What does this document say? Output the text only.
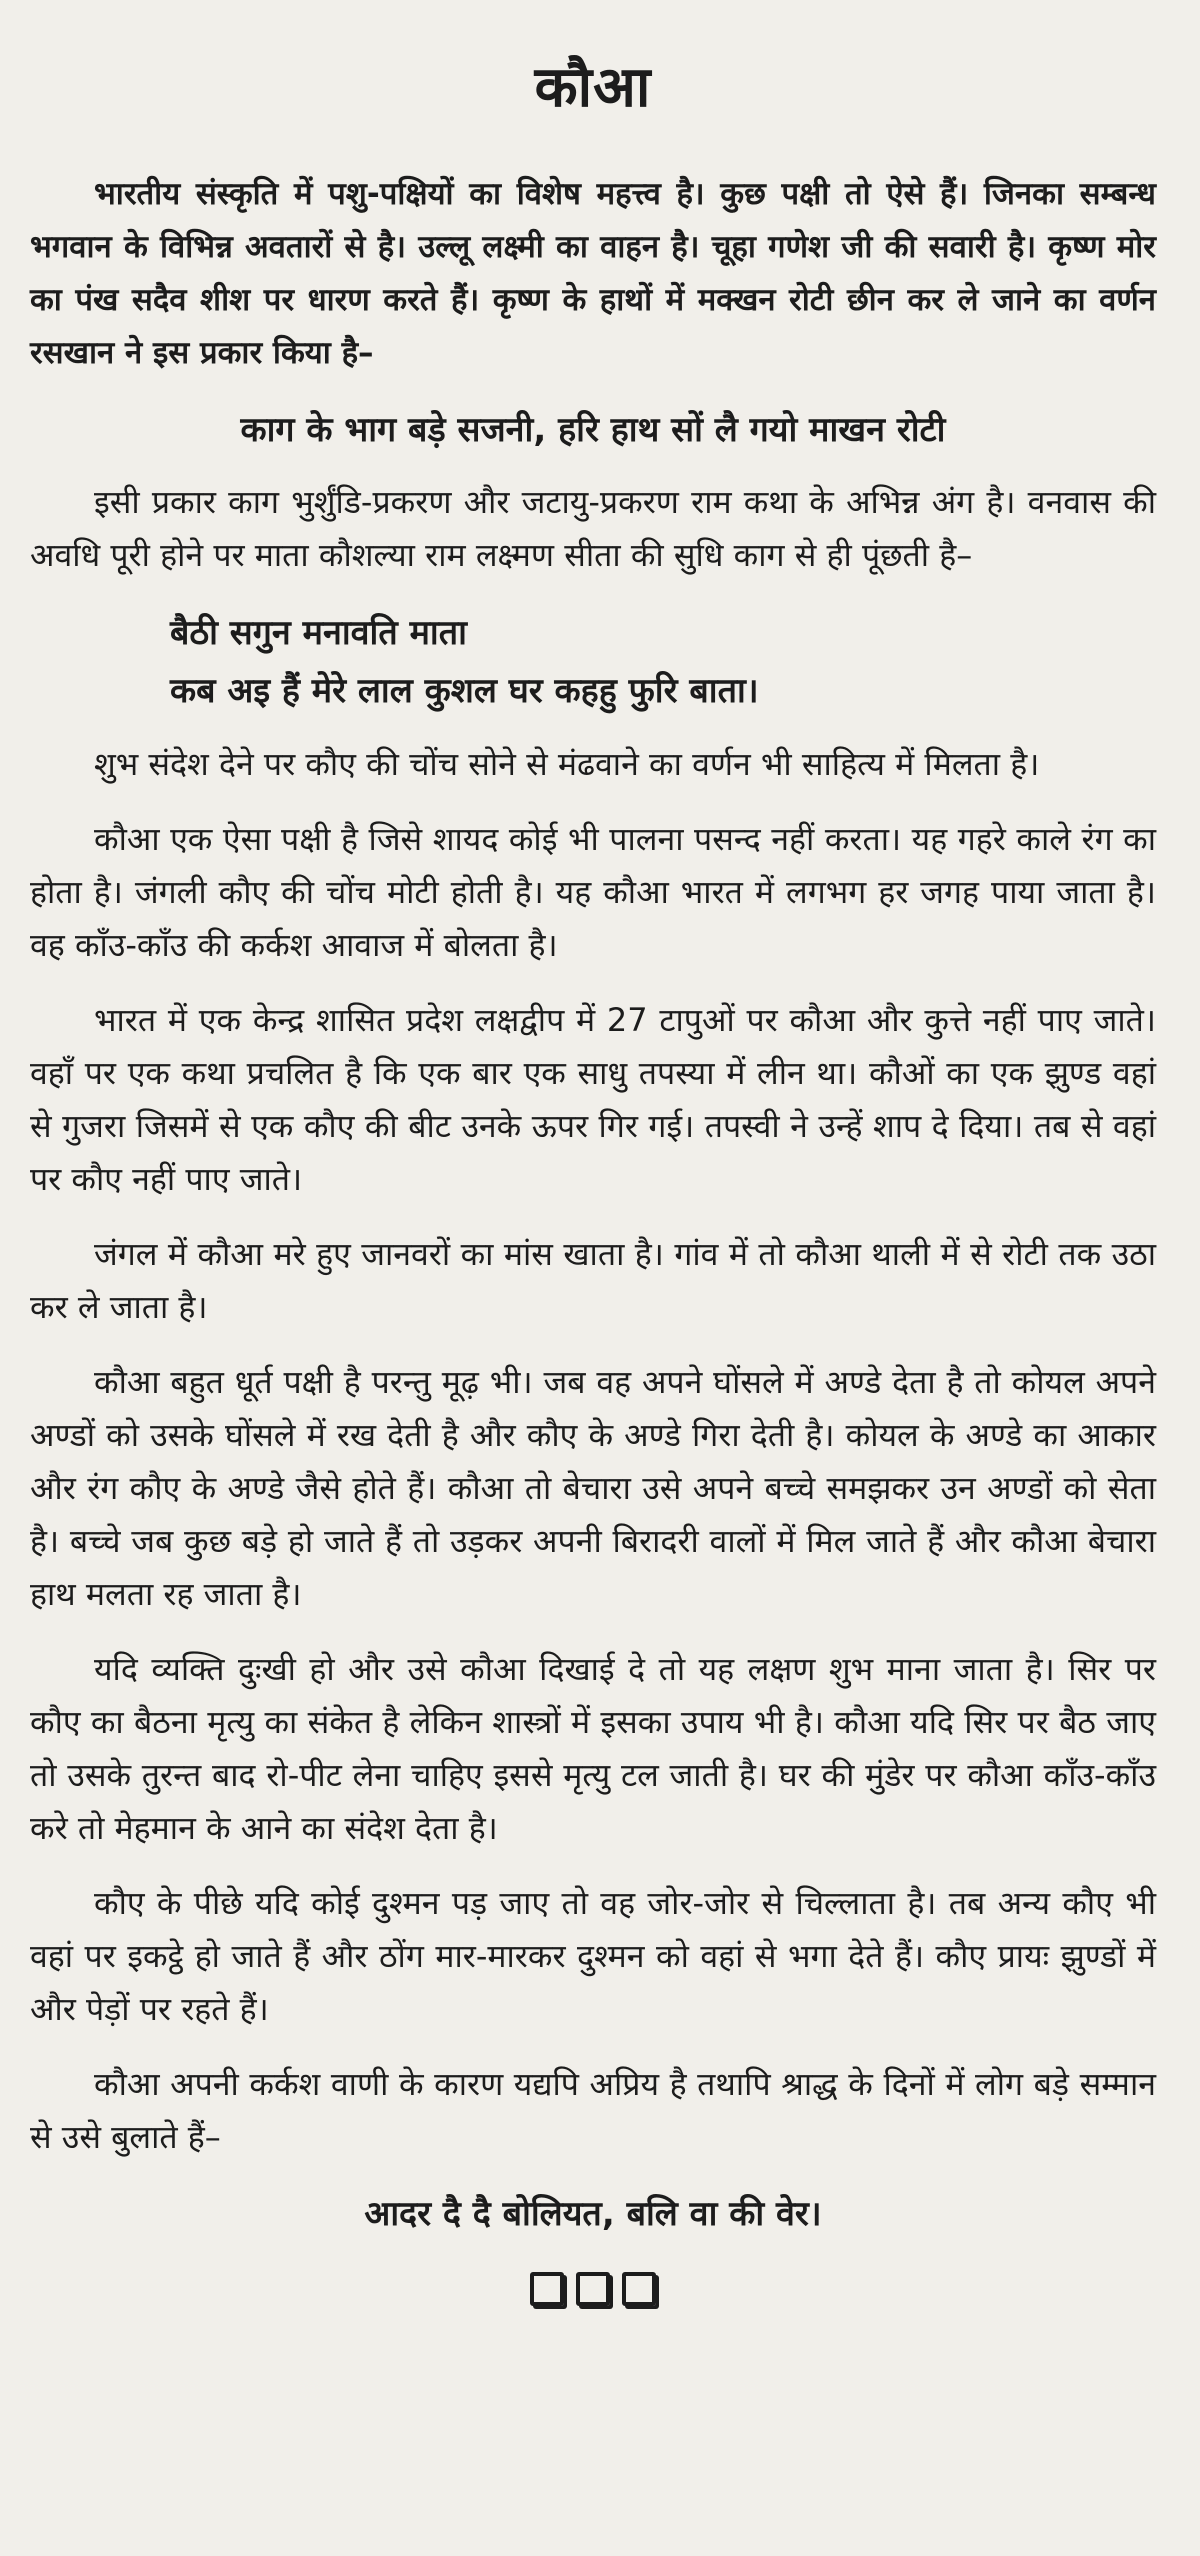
कौआ

भारतीय संस्कृति में पशु-पक्षियों का विशेष महत्त्व है। कुछ पक्षी तो ऐसे हैं। जिनका सम्बन्ध भगवान के विभिन्न अवतारों से है। उल्लू लक्ष्मी का वाहन है। चूहा गणेश जी की सवारी है। कृष्ण मोर का पंख सदैव शीश पर धारण करते हैं। कृष्ण के हाथों में मक्खन रोटी छीन कर ले जाने का वर्णन रसखान ने इस प्रकार किया है–

काग के भाग बड़े सजनी, हरि हाथ सों लै गयो माखन रोटी

इसी प्रकार काग भुर्शुंडि-प्रकरण और जटायु-प्रकरण राम कथा के अभिन्न अंग है। वनवास की अवधि पूरी होने पर माता कौशल्या राम लक्ष्मण सीता की सुधि काग से ही पूंछती है–

बैठी सगुन मनावति माता
कब अइ हैं मेरे लाल कुशल घर कहहु फुरि बाता।

शुभ संदेश देने पर कौए की चोंच सोने से मंढवाने का वर्णन भी साहित्य में मिलता है।

कौआ एक ऐसा पक्षी है जिसे शायद कोई भी पालना पसन्द नहीं करता। यह गहरे काले रंग का होता है। जंगली कौए की चोंच मोटी होती है। यह कौआ भारत में लगभग हर जगह पाया जाता है। वह काँउ-काँउ की कर्कश आवाज में बोलता है।

भारत में एक केन्द्र शासित प्रदेश लक्षद्वीप में 27 टापुओं पर कौआ और कुत्ते नहीं पाए जाते। वहाँ पर एक कथा प्रचलित है कि एक बार एक साधु तपस्या में लीन था। कौओं का एक झुण्ड वहां से गुजरा जिसमें से एक कौए की बीट उनके ऊपर गिर गई। तपस्वी ने उन्हें शाप दे दिया। तब से वहां पर कौए नहीं पाए जाते।

जंगल में कौआ मरे हुए जानवरों का मांस खाता है। गांव में तो कौआ थाली में से रोटी तक उठा कर ले जाता है।

कौआ बहुत धूर्त पक्षी है परन्तु मूढ़ भी। जब वह अपने घोंसले में अण्डे देता है तो कोयल अपने अण्डों को उसके घोंसले में रख देती है और कौए के अण्डे गिरा देती है। कोयल के अण्डे का आकार और रंग कौए के अण्डे जैसे होते हैं। कौआ तो बेचारा उसे अपने बच्चे समझकर उन अण्डों को सेता है। बच्चे जब कुछ बड़े हो जाते हैं तो उड़कर अपनी बिरादरी वालों में मिल जाते हैं और कौआ बेचारा हाथ मलता रह जाता है।

यदि व्यक्ति दुःखी हो और उसे कौआ दिखाई दे तो यह लक्षण शुभ माना जाता है। सिर पर कौए का बैठना मृत्यु का संकेत है लेकिन शास्त्रों में इसका उपाय भी है। कौआ यदि सिर पर बैठ जाए तो उसके तुरन्त बाद रो-पीट लेना चाहिए इससे मृत्यु टल जाती है। घर की मुंडेर पर कौआ काँउ-काँउ करे तो मेहमान के आने का संदेश देता है।

कौए के पीछे यदि कोई दुश्मन पड़ जाए तो वह जोर-जोर से चिल्लाता है। तब अन्य कौए भी वहां पर इकट्ठे हो जाते हैं और ठोंग मार-मारकर दुश्मन को वहां से भगा देते हैं। कौए प्रायः झुण्डों में और पेड़ों पर रहते हैं।

कौआ अपनी कर्कश वाणी के कारण यद्यपि अप्रिय है तथापि श्राद्ध के दिनों में लोग बड़े सम्मान से उसे बुलाते हैं–

आदर दै दै बोलियत, बलि वा की वेर।
